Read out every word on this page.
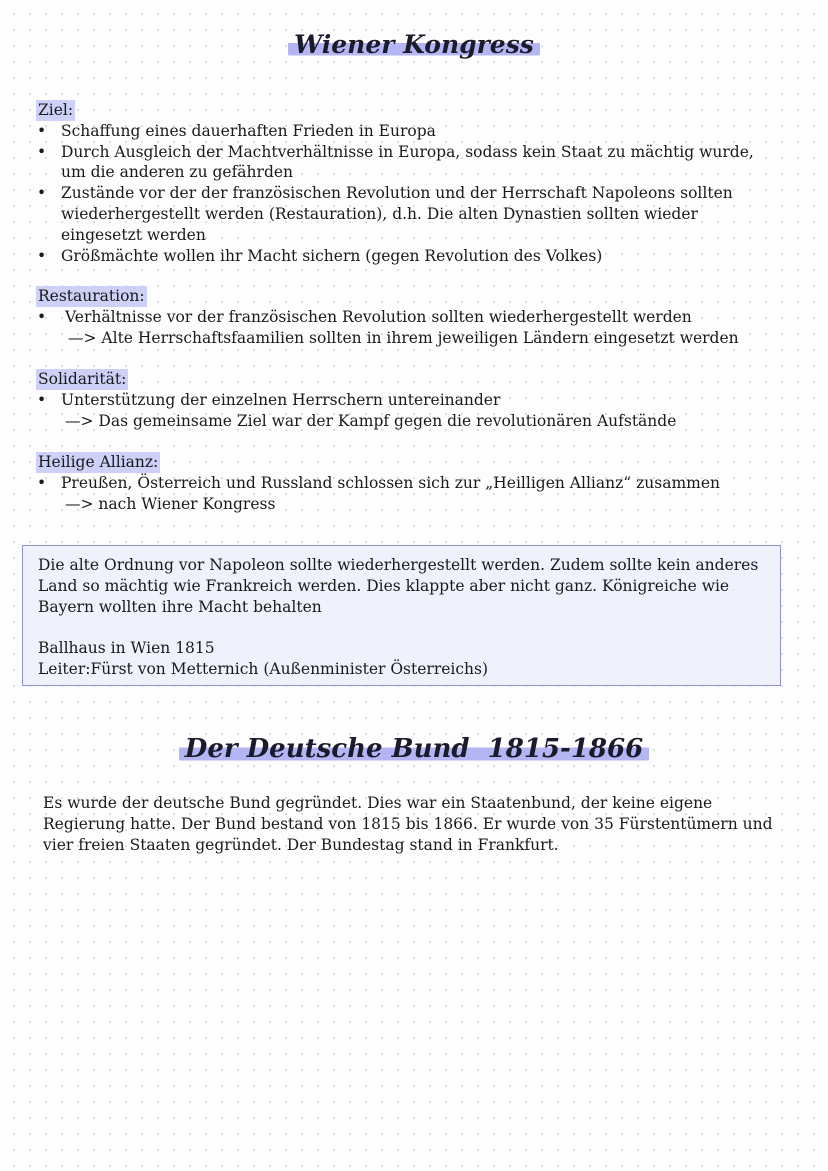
Wiener Kongress
Ziel:
• Schaffung eines dauerhaften Frieden in Europa
• Durch Ausgleich der Machtverhältnisse in Europa, sodass kein Staat zu mächtig wurde,
um die anderen zu gefährden
• Zustände vor der der französischen Revolution und der Herrschaft Napoleons sollten
wiederhergestellt werden (Restauration), d.h. Die alten Dynastien sollten wieder
eingesetzt werden
• Größmächte wollen ihr Macht sichern (gegen Revolution des Volkes)
Restauration:
• Verhältnisse vor der französischen Revolution sollten wiederhergestellt werden
—> Alte Herrschaftsfaamilien sollten in ihrem jeweiligen Ländern eingesetzt werden
Solidarität:
• Unterstützung der einzelnen Herrschern untereinander
—> Das gemeinsame Ziel war der Kampf gegen die revolutionären Aufstände
Heilige Allianz:
• Preußen, Österreich und Russland schlossen sich zur „Heilligen Allianz“ zusammen
—> nach Wiener Kongress

Die alte Ordnung vor Napoleon sollte wiederhergestellt werden. Zudem sollte kein anderes

Land so mächtig wie Frankreich werden. Dies klappte aber nicht ganz. Königreiche wie

Bayern wollten ihre Macht behalten

Ballhaus in Wien 1815

Leiter:Fürst von Metternich (Außenminister Österreichs)

Der Deutsche Bund  1815-1866
Es wurde der deutsche Bund gegründet. Dies war ein Staatenbund, der keine eigene
Regierung hatte. Der Bund bestand von 1815 bis 1866. Er wurde von 35 Fürstentümern und
vier freien Staaten gegründet. Der Bundestag stand in Frankfurt.
